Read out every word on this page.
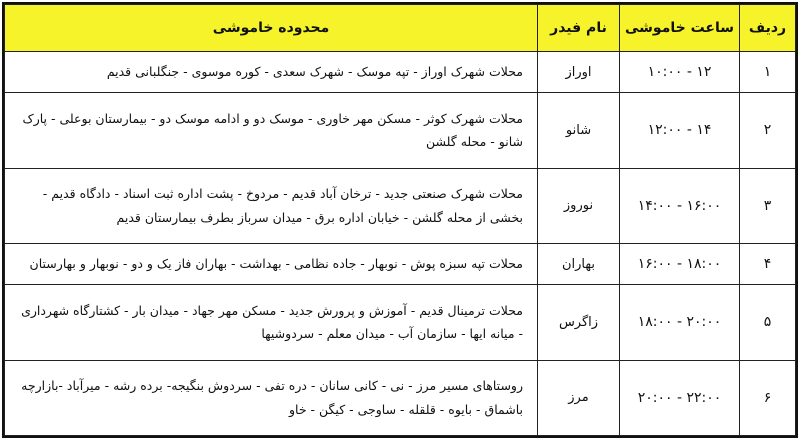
ردیف	ساعت خاموشی	نام فیدر	محدوده خاموشی
۱	۱۲ - ۱۰:۰۰	اوراز	محلات شهرک اوراز - تپه موسک - شهرک سعدی - کوره موسوی - جنگلبانی قدیم
۲	۱۴ - ۱۲:۰۰	شانو	محلات شهرک کوثر - مسکن مهر خاوری - موسک دو و ادامه موسک دو - بیمارستان بوعلی - پارک شانو - محله گلشن
۳	۱۶:۰۰ - ۱۴:۰۰	نوروز	محلات شهرک صنعتی جدید - ترخان آباد قدیم - مردوخ - پشت اداره ثبت اسناد - دادگاه قدیم - بخشی از محله گلشن - خیابان اداره برق - میدان سرباز بطرف بیمارستان قدیم
۴	۱۸:۰۰ - ۱۶:۰۰	بهاران	محلات تپه سبزه پوش - نوبهار - جاده نظامی - بهداشت - بهاران فاز یک و دو - نوبهار و بهارستان
۵	۲۰:۰۰ - ۱۸:۰۰	زاگرس	محلات ترمینال قدیم - آموزش و پرورش جدید - مسکن مهر جهاد - میدان بار - کشتارگاه شهرداری - میانه ایها - سازمان آب - میدان معلم - سردوشیها
۶	۲۲:۰۰ - ۲۰:۰۰	مرز	روستاهای مسیر مرز - نی - کانی سانان - دره تفی - سردوش بنگیجه- برده رشه - میرآباد -بازارچه باشماق - بایوه - قلقله - ساوجی - کیگن - خاو
